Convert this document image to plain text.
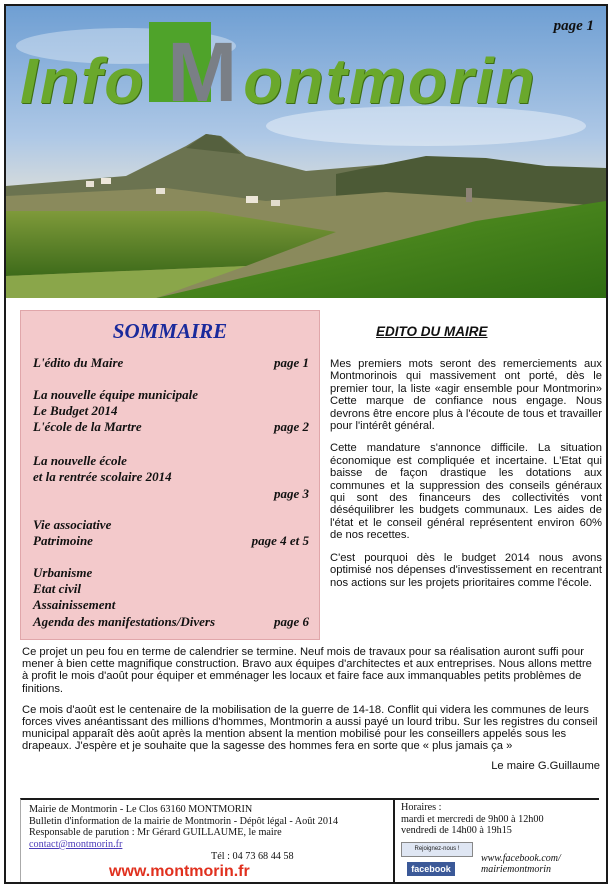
page 1
Info M ontmorin
SOMMAIRE
L'édito du Maire	page 1
La nouvelle équipe municipale
Le Budget 2014
L'école de la Martre	page 2
La nouvelle école
et la rentrée scolaire 2014
page 3
Vie associative
Patrimoine	page 4 et 5
Urbanisme
Etat civil
Assainissement
Agenda des manifestations/Divers	page 6
EDITO DU MAIRE

Mes premiers mots seront des remerciements aux Montmorinois qui massivement ont porté, dès le premier tour, la liste «agir ensemble pour Montmorin» Cette marque de confiance nous engage. Nous devrons être encore plus à l'écoute de tous et travailler pour l'intérêt général.

Cette mandature s'annonce difficile. La situation économique est compliquée et incertaine. L'Etat qui baisse de façon drastique les dotations aux communes et la suppression des conseils généraux qui sont des financeurs des collectivités vont déséquilibrer les budgets communaux. Les aides de l'état et le conseil général représentent environ 60% de nos recettes.

C'est pourquoi dès le budget 2014 nous avons optimisé nos dépenses d'investissement en recentrant nos actions sur les projets prioritaires comme l'école.

Ce projet un peu fou en terme de calendrier se termine. Neuf mois de travaux pour sa réalisation auront suffi pour mener à bien cette magnifique construction. Bravo aux équipes d'architectes et aux entreprises. Nous allons mettre à profit le mois d'août pour équiper et emménager les locaux et faire face aux immanquables petits problèmes de finitions.

Ce mois d'août est le centenaire de la mobilisation de la guerre de 14-18. Conflit qui videra les communes de leurs forces vives anéantissant des millions d'hommes, Montmorin a aussi payé un lourd tribu. Sur les registres du conseil municipal apparaît dès août après la mention absent la mention mobilisé pour les conseillers appelés sous les drapeaux. J'espère et je souhaite que la sagesse des hommes fera en sorte que « plus jamais ça »

Le maire G.Guillaume
Mairie de Montmorin - Le Clos 63160 MONTMORIN
Bulletin d'information de la mairie de Montmorin - Dépôt légal - Août 2014
Responsable de parution : Mr Gérard GUILLAUME, le maire
contact@montmorin.fr
Tél : 04 73 68 44 58
www.montmorin.fr
Horaires :
mardi et mercredi de 9h00 à 12h00
vendredi de 14h00 à 19h15
Rejoignez-nous !
facebook
www.facebook.com/
mairiemontmorin
